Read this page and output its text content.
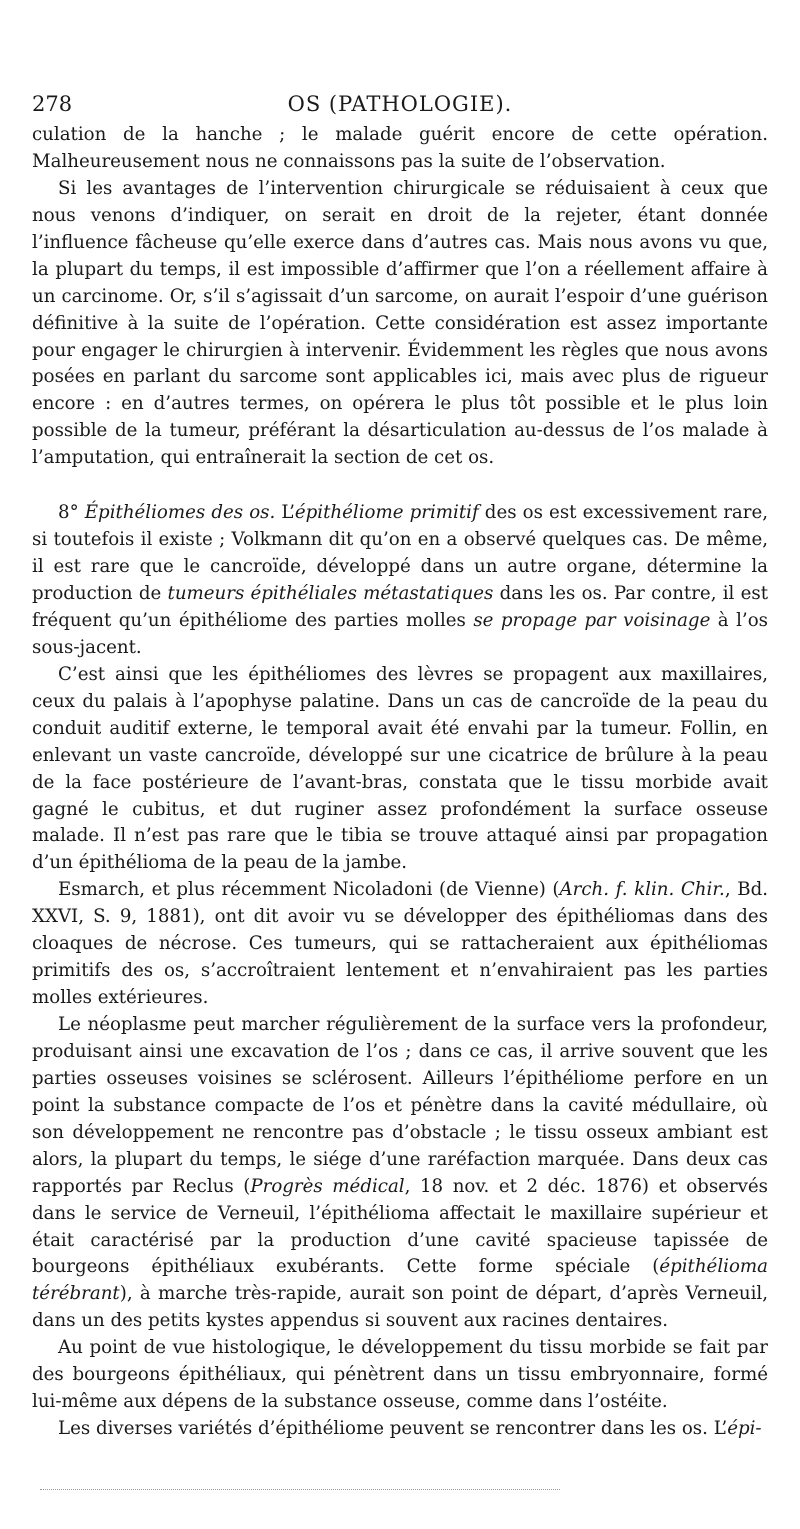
278	OS (PATHOLOGIE).

culation de la hanche ; le malade guérit encore de cette opération. Malheureusement nous ne connaissons pas la suite de l’observation.

Si les avantages de l’intervention chirurgicale se réduisaient à ceux que nous venons d’indiquer, on serait en droit de la rejeter, étant donnée l’influence fâcheuse qu’elle exerce dans d’autres cas. Mais nous avons vu que, la plupart du temps, il est impossible d’affirmer que l’on a réellement affaire à un carcinome. Or, s’il s’agissait d’un sarcome, on aurait l’espoir d’une guérison définitive à la suite de l’opération. Cette considération est assez importante pour engager le chirurgien à intervenir. Évidemment les règles que nous avons posées en parlant du sarcome sont applicables ici, mais avec plus de rigueur encore : en d’autres termes, on opérera le plus tôt possible et le plus loin possible de la tumeur, préférant la désarticulation au-dessus de l’os malade à l’amputation, qui entraînerait la section de cet os.

8° Épithéliomes des os. L’épithéliome primitif des os est excessivement rare, si toutefois il existe ; Volkmann dit qu’on en a observé quelques cas. De même, il est rare que le cancroïde, développé dans un autre organe, détermine la production de tumeurs épithéliales métastatiques dans les os. Par contre, il est fréquent qu’un épithéliome des parties molles se propage par voisinage à l’os sous-jacent.

C’est ainsi que les épithéliomes des lèvres se propagent aux maxillaires, ceux du palais à l’apophyse palatine. Dans un cas de cancroïde de la peau du conduit auditif externe, le temporal avait été envahi par la tumeur. Follin, en enlevant un vaste cancroïde, développé sur une cicatrice de brûlure à la peau de la face postérieure de l’avant-bras, constata que le tissu morbide avait gagné le cubitus, et dut ruginer assez profondément la surface osseuse malade. Il n’est pas rare que le tibia se trouve attaqué ainsi par propagation d’un épithélioma de la peau de la jambe.

Esmarch, et plus récemment Nicoladoni (de Vienne) (Arch. f. klin. Chir., Bd. XXVI, S. 9, 1881), ont dit avoir vu se développer des épithéliomas dans des cloaques de nécrose. Ces tumeurs, qui se rattacheraient aux épithéliomas primitifs des os, s’accroîtraient lentement et n’envahiraient pas les parties molles extérieures.

Le néoplasme peut marcher régulièrement de la surface vers la profondeur, produisant ainsi une excavation de l’os ; dans ce cas, il arrive souvent que les parties osseuses voisines se sclérosent. Ailleurs l’épithéliome perfore en un point la substance compacte de l’os et pénètre dans la cavité médullaire, où son développement ne rencontre pas d’obstacle ; le tissu osseux ambiant est alors, la plupart du temps, le siége d’une raréfaction marquée. Dans deux cas rapportés par Reclus (Progrès médical, 18 nov. et 2 déc. 1876) et observés dans le service de Verneuil, l’épithélioma affectait le maxillaire supérieur et était caractérisé par la production d’une cavité spacieuse tapissée de bourgeons épithéliaux exubérants. Cette forme spéciale (épithélioma térébrant), à marche très-rapide, aurait son point de départ, d’après Verneuil, dans un des petits kystes appendus si souvent aux racines dentaires.

Au point de vue histologique, le développement du tissu morbide se fait par des bourgeons épithéliaux, qui pénètrent dans un tissu embryonnaire, formé lui-même aux dépens de la substance osseuse, comme dans l’ostéite.

Les diverses variétés d’épithéliome peuvent se rencontrer dans les os. L’épi-
